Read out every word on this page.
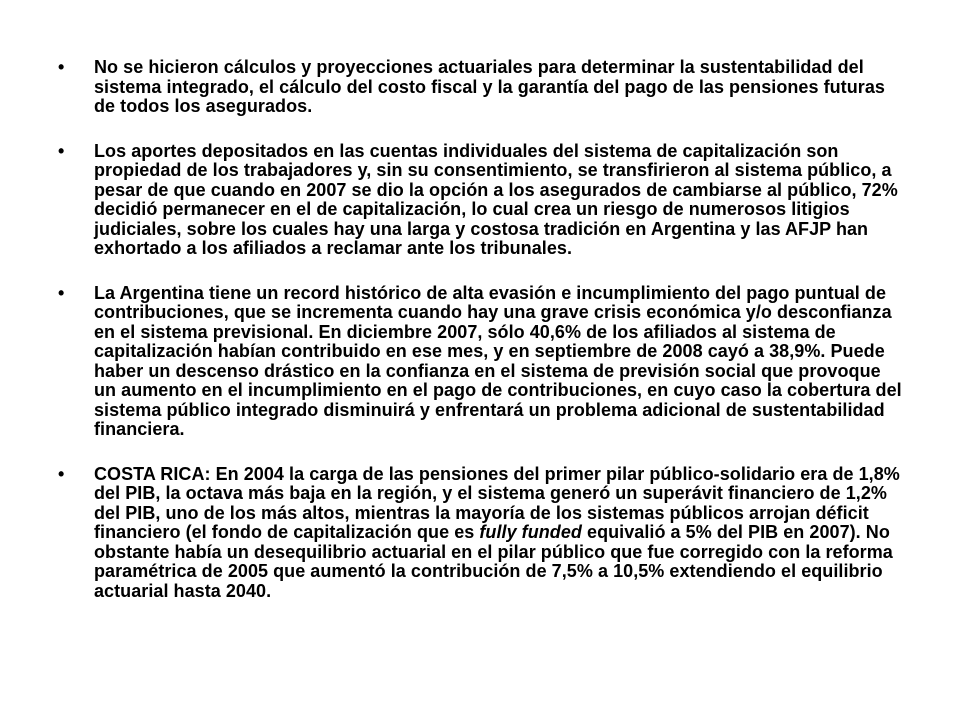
• No se hicieron cálculos y proyecciones actuariales para determinar la sustentabilidad del sistema integrado, el cálculo del costo fiscal y la garantía del pago de las pensiones futuras de todos los asegurados.
• Los aportes depositados en las cuentas individuales del sistema de capitalización son propiedad de los trabajadores y, sin su consentimiento, se transfirieron al sistema público, a pesar de que cuando en 2007 se dio la opción a los asegurados de cambiarse al público, 72% decidió permanecer en el de capitalización, lo cual crea un riesgo de numerosos litigios judiciales, sobre los cuales hay una larga y costosa tradición en Argentina y las AFJP han exhortado a los afiliados a reclamar ante los tribunales.
• La Argentina tiene un record histórico de alta evasión e incumplimiento del pago puntual de contribuciones, que se incrementa cuando hay una grave crisis económica y/o desconfianza en el sistema previsional. En diciembre 2007, sólo 40,6% de los afiliados al sistema de capitalización habían contribuido en ese mes, y en septiembre de 2008 cayó a 38,9%. Puede haber un descenso drástico en la confianza en el sistema de previsión social que provoque un aumento en el incumplimiento en el pago de contribuciones, en cuyo caso la cobertura del sistema público integrado disminuirá y enfrentará un problema adicional de sustentabilidad financiera.
• COSTA RICA: En 2004 la carga de las pensiones del primer pilar público-solidario era de 1,8% del PIB, la octava más baja en la región, y el sistema generó un superávit financiero de 1,2% del PIB, uno de los más altos, mientras la mayoría de los sistemas públicos arrojan déficit financiero (el fondo de capitalización que es fully funded equivalió a 5% del PIB en 2007). No obstante había un desequilibrio actuarial en el pilar público que fue corregido con la reforma paramétrica de 2005 que aumentó la contribución de 7,5% a 10,5% extendiendo el equilibrio actuarial hasta 2040.
